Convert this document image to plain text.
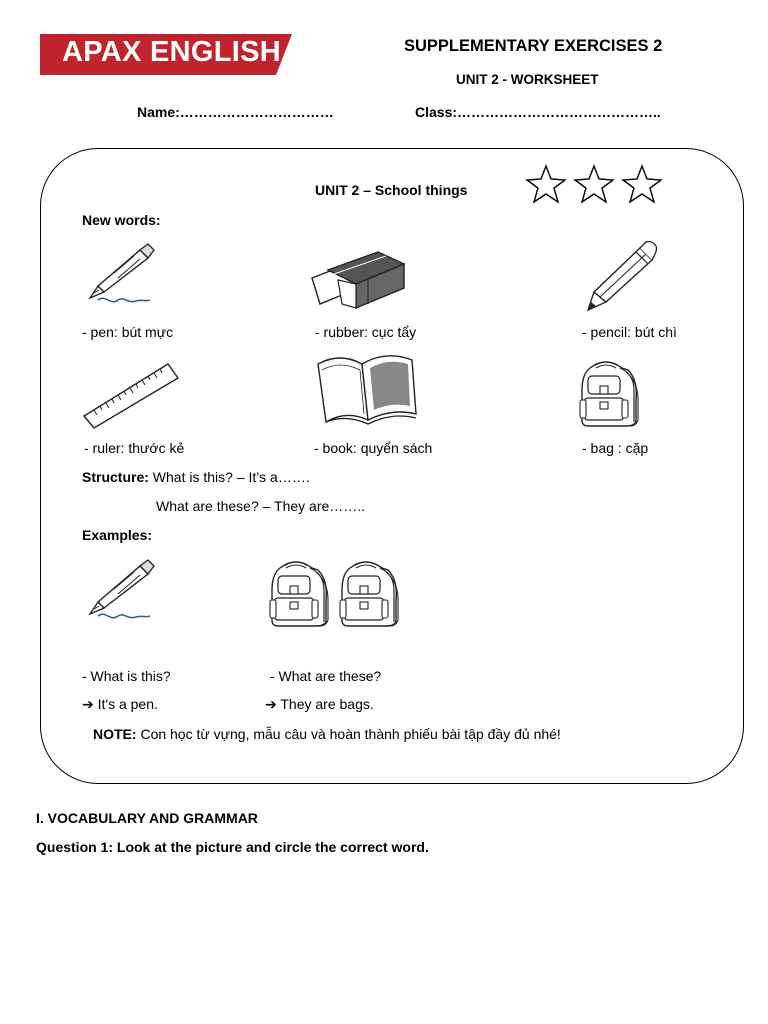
APAX ENGLISH	SUPPLEMENTARY EXERCISES 2
UNIT 2 - WORKSHEET
Name:……………………………	Class:……………………………………..
UNIT 2 – School things
New words:
- pen: bút mực	- rubber: cục tẩy	- pencil: bút chì
- ruler: thước kẻ	- book: quyển sách	- bag : cặp
Structure: What is this? – It’s a…….
What are these? – They are……..
Examples:
- What is this?	- What are these?
➔ It's a pen.	➔ They are bags.
NOTE: Con học từ vựng, mẫu câu và hoàn thành phiếu bài tập đầy đủ nhé!
I. VOCABULARY AND GRAMMAR
Question 1: Look at the picture and circle the correct word.
